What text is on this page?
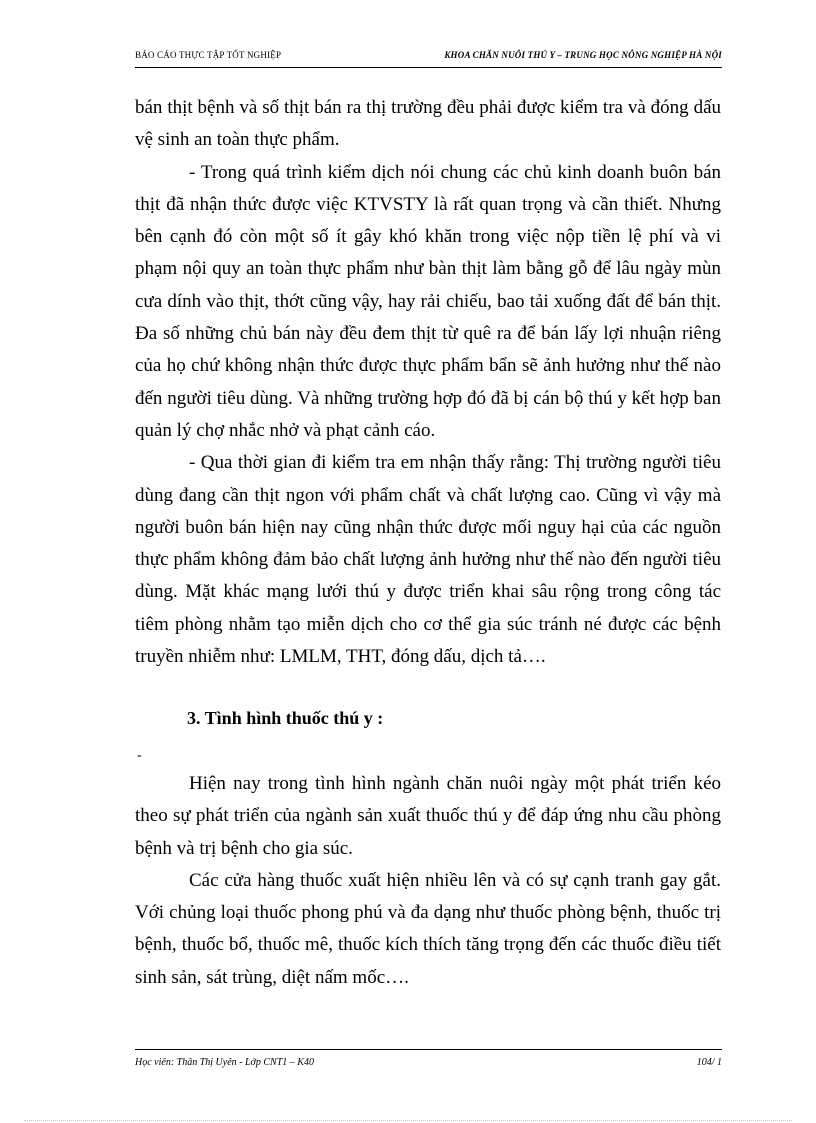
BÁO CÁO THỰC TẬP TỐT NGHIỆP	KHOA CHĂN NUÔI THÚ Y – TRUNG HỌC NÔNG NGHIỆP HÀ NỘI

bán thịt bệnh và số thịt bán ra thị trường đều phải được kiểm tra và đóng dấu vệ sinh an toàn thực phẩm.

- Trong quá trình kiểm dịch nói chung các chủ kinh doanh buôn bán thịt đã nhận thức được việc KTVSTY là rất quan trọng và cần thiết. Nhưng bên cạnh đó còn một số ít gây khó khăn trong việc nộp tiền lệ phí và vi phạm nội quy an toàn thực phẩm như bàn thịt làm bằng gỗ để lâu ngày mùn cưa dính vào thịt, thớt cũng vậy, hay rải chiếu, bao tải xuống đất để bán thịt. Đa số những chủ bán này đều đem thịt từ quê ra để bán lấy lợi nhuận riêng của họ chứ không nhận thức được thực phẩm bẩn sẽ ảnh hưởng như thế nào đến người tiêu dùng. Và những trường hợp đó đã bị cán bộ thú y kết hợp ban quản lý chợ nhắc nhở và phạt cảnh cáo.

- Qua thời gian đi kiểm tra em nhận thấy rằng: Thị trường người tiêu dùng đang cần thịt ngon với phẩm chất và chất lượng cao. Cũng vì vậy mà người buôn bán hiện nay cũng nhận thức được mối nguy hại của các nguồn thực phẩm không đảm bảo chất lượng ảnh hưởng như thế nào đến người tiêu dùng. Mặt khác mạng lưới thú y được triển khai sâu rộng trong công tác tiêm phòng nhằm tạo miễn dịch cho cơ thể gia súc tránh né được các bệnh truyền nhiễm như: LMLM, THT, đóng dấu, dịch tả….

3. Tình hình thuốc thú y :
-

Hiện nay trong tình hình ngành chăn nuôi ngày một phát triển kéo theo sự phát triển của ngành sản xuất thuốc thú y để đáp ứng nhu cầu phòng bệnh và trị bệnh cho gia súc.

Các cửa hàng thuốc xuất hiện nhiều lên và có sự cạnh tranh gay gắt. Với chủng loại thuốc phong phú và đa dạng như thuốc phòng bệnh, thuốc trị bệnh, thuốc bổ, thuốc mê, thuốc kích thích tăng trọng đến các thuốc điều tiết sinh sản, sát trùng, diệt nấm mốc….

Học viên: Thân Thị Uyên - Lớp CNT1 – K40	104/ 1
